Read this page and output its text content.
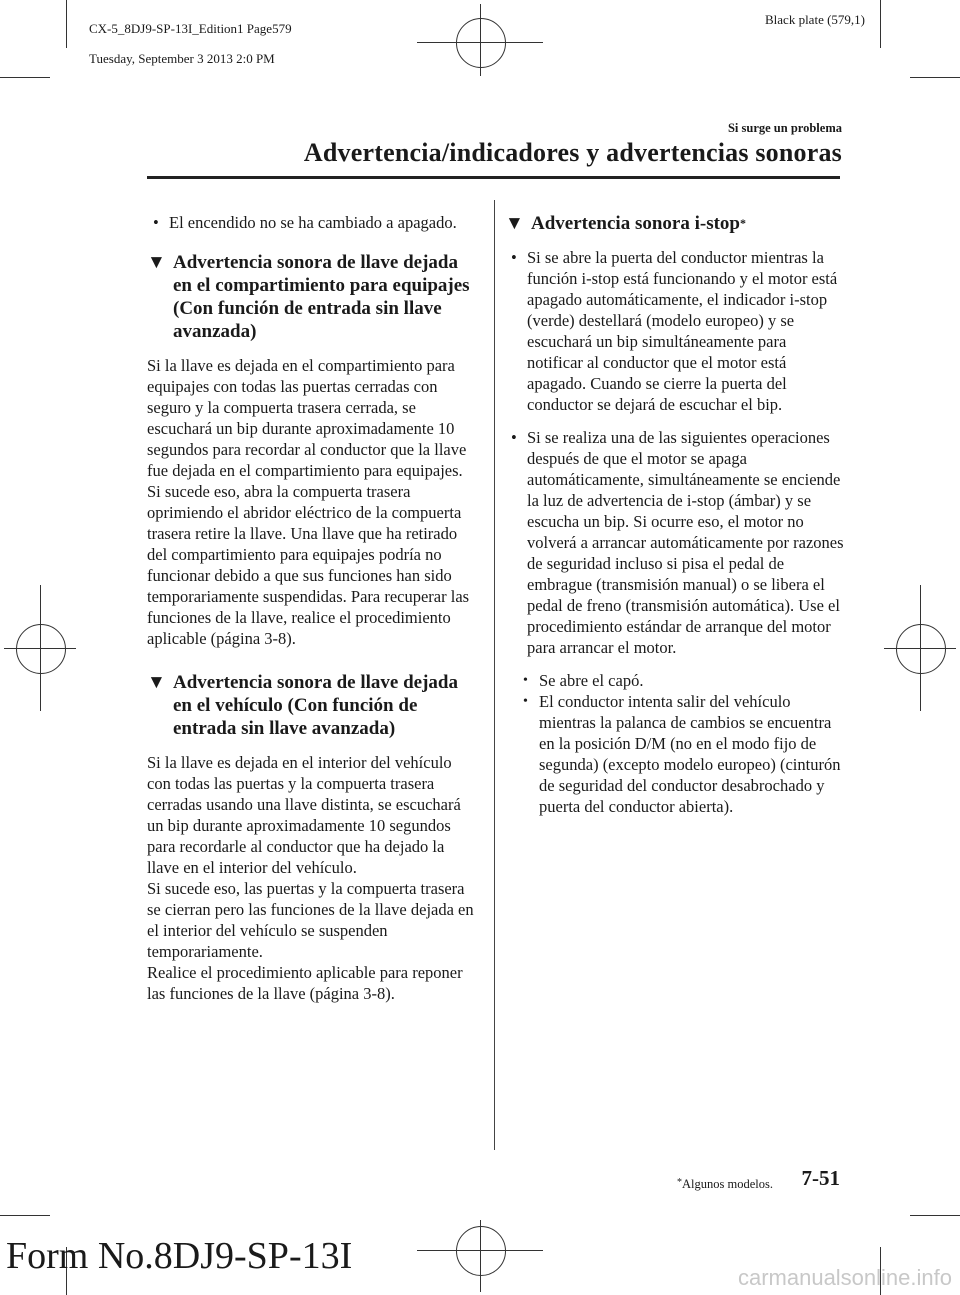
CX-5_8DJ9-SP-13I_Edition1 Page579

Tuesday, September 3 2013 2:0 PM

Black plate (579,1)
Si surge un problema
Advertencia/indicadores y advertencias sonoras
• El encendido no se ha cambiado a apagado.
▼ Advertencia sonora de llave dejada en el compartimiento para equipajes (Con función de entrada sin llave avanzada)

Si la llave es dejada en el compartimiento para equipajes con todas las puertas cerradas con seguro y la compuerta trasera cerrada, se escuchará un bip durante aproximadamente 10 segundos para recordar al conductor que la llave fue dejada en el compartimiento para equipajes. Si sucede eso, abra la compuerta trasera oprimiendo el abridor eléctrico de la compuerta trasera retire la llave. Una llave que ha retirado del compartimiento para equipajes podría no funcionar debido a que sus funciones han sido temporariamente suspendidas. Para recuperar las funciones de la llave, realice el procedimiento aplicable (página 3-8).

▼ Advertencia sonora de llave dejada en el vehículo (Con función de entrada sin llave avanzada)

Si la llave es dejada en el interior del vehículo con todas las puertas y la compuerta trasera cerradas usando una llave distinta, se escuchará un bip durante aproximadamente 10 segundos para recordarle al conductor que ha dejado la llave en el interior del vehículo.

Si sucede eso, las puertas y la compuerta trasera se cierran pero las funciones de la llave dejada en el interior del vehículo se suspenden temporariamente.

Realice el procedimiento aplicable para reponer las funciones de la llave (página 3-8).

▼ Advertencia sonora i-stop*
• Si se abre la puerta del conductor mientras la función i-stop está funcionando y el motor está apagado automáticamente, el indicador i-stop (verde) destellará (modelo europeo) y se escuchará un bip simultáneamente para notificar al conductor que el motor está apagado. Cuando se cierre la puerta del conductor se dejará de escuchar el bip.
• Si se realiza una de las siguientes operaciones después de que el motor se apaga automáticamente, simultáneamente se enciende la luz de advertencia de i-stop (ámbar) y se escucha un bip. Si ocurre eso, el motor no volverá a arrancar automáticamente por razones de seguridad incluso si pisa el pedal de embrague (transmisión manual) o se libera el pedal de freno (transmisión automática). Use el procedimiento estándar de arranque del motor para arrancar el motor.
• Se abre el capó.
• El conductor intenta salir del vehículo mientras la palanca de cambios se encuentra en la posición D/M (no en el modo fijo de segunda) (excepto modelo europeo) (cinturón de seguridad del conductor desabrochado y puerta del conductor abierta).
*Algunos modelos. 7-51
Form No.8DJ9-SP-13I
carmanualsonline.info
